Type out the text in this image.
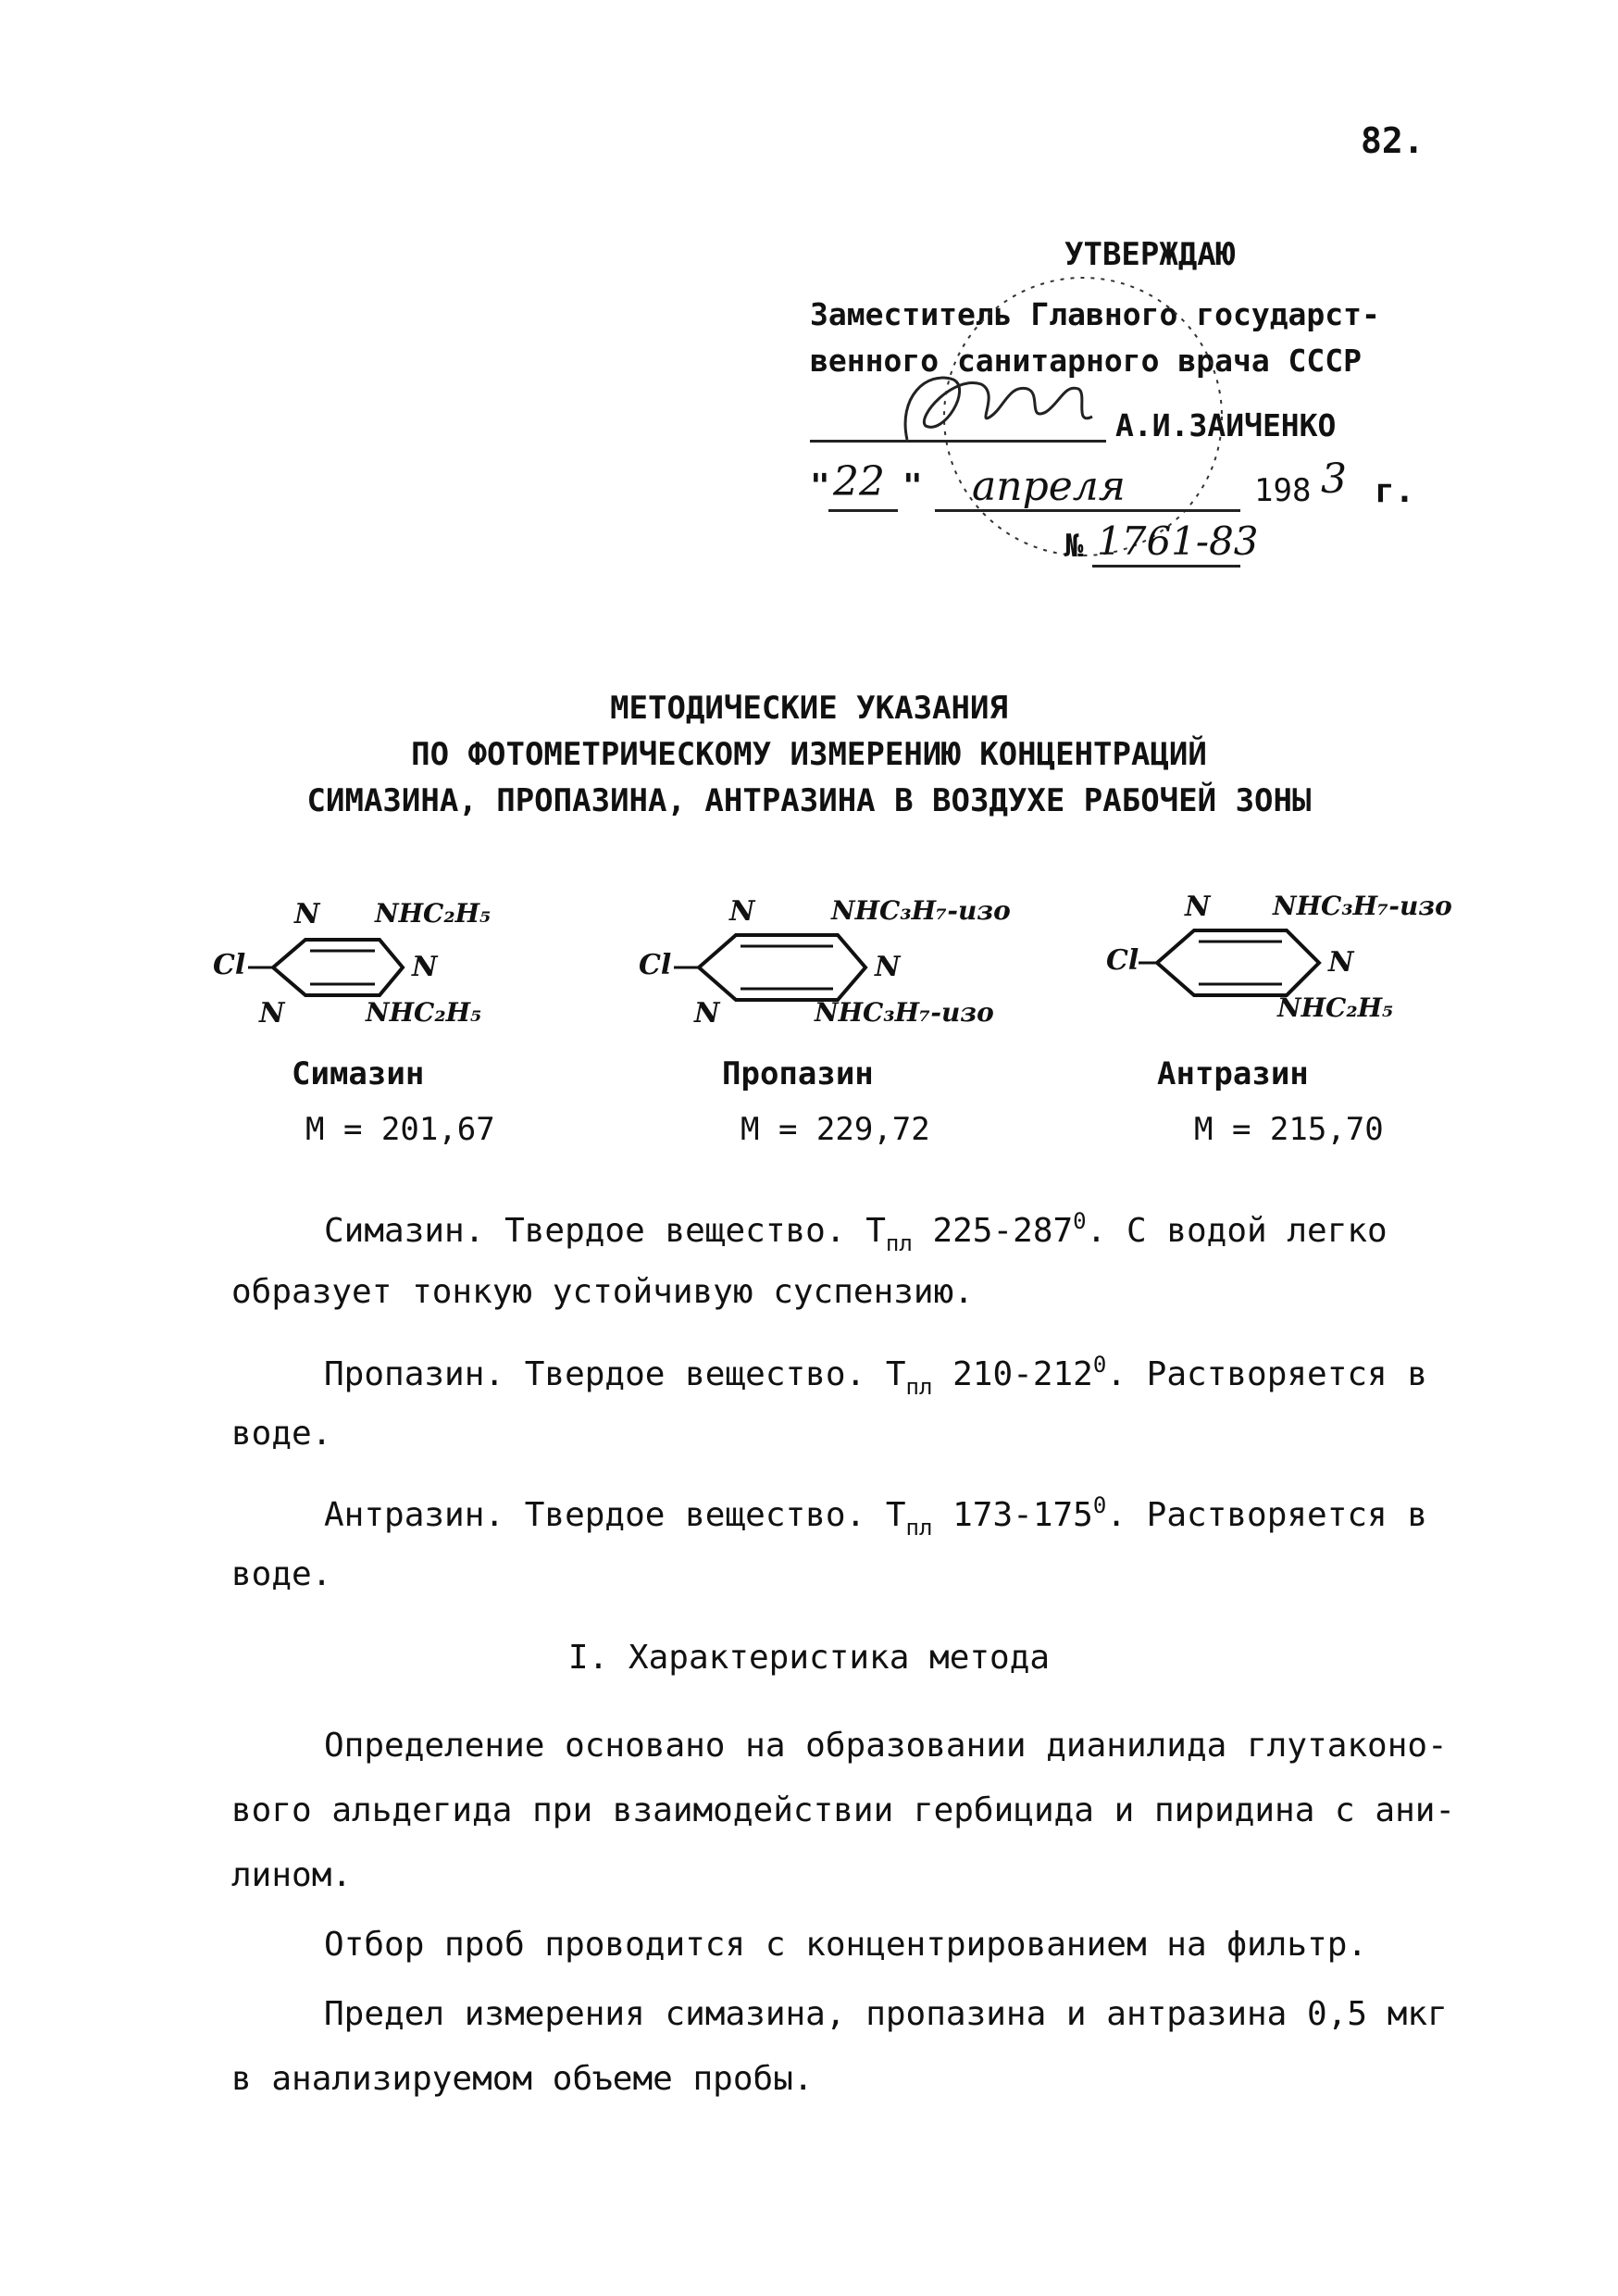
82.
УТВЕРЖДАЮ
Заместитель Главного государст-
венного санитарного врача СССР
А.И.ЗАИЧЕНКО
" 22 " апреля	198 3 г.
№ 1761-83
МЕТОДИЧЕСКИЕ УКАЗАНИЯ
ПО ФОТОМЕТРИЧЕСКОМУ ИЗМЕРЕНИЮ КОНЦЕНТРАЦИЙ
СИМАЗИНА, ПРОПАЗИНА, АНТРАЗИНА В ВОЗДУХЕ РАБОЧЕЙ ЗОНЫ
Cl
N NHC₂H₅
N
N	NHC₂H₅
Cl
N	NHC₃H₇-изо
N
N	NHC₃H₇-изо
Cl
N NHC₃H₇-изо
N
NHC₂H₅
Симазин	Пропазин	Антразин
М = 201,67	М = 229,72	М = 215,70
Симазин. Твердое вещество. $Т_{пл}$ $225-287^0$. С водой легко
образует тонкую устойчивую суспензию.
Пропазин. Твердое вещество. $Т_{пл}$ $210-212^0$. Растворяется в
воде.
Антразин. Твердое вещество. $Т_{пл}$ $173-175^0$. Растворяется в
воде.
I. Характеристика метода
Определение основано на образовании дианилида глутаконо-
вого альдегида при взаимодействии гербицида и пиридина с ани-
лином.
Отбор проб проводится с концентрированием на фильтр.
Предел измерения симазина, пропазина и антразина 0,5 мкг
в анализируемом объеме пробы.
